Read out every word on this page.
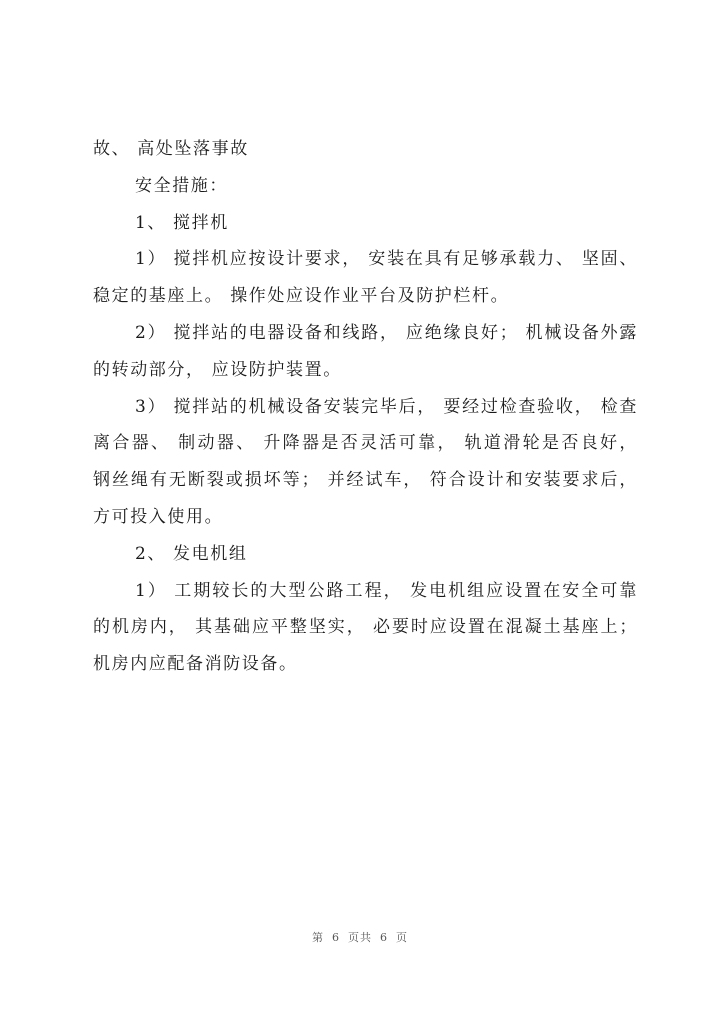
故、 高处坠落事故

安全措施：

1、 搅拌机

1） 搅拌机应按设计要求， 安装在具有足够承载力、 坚固、 稳定的基座上。 操作处应设作业平台及防护栏杆。

2） 搅拌站的电器设备和线路， 应绝缘良好； 机械设备外露的转动部分， 应设防护装置。

3） 搅拌站的机械设备安装完毕后， 要经过检查验收， 检查离合器、 制动器、 升降器是否灵活可靠， 轨道滑轮是否良好， 钢丝绳有无断裂或损坏等； 并经试车， 符合设计和安装要求后， 方可投入使用。

2、 发电机组

1） 工期较长的大型公路工程， 发电机组应设置在安全可靠的机房内， 其基础应平整坚实， 必要时应设置在混凝土基座上； 机房内应配备消防设备。

第 6 页共 6 页
